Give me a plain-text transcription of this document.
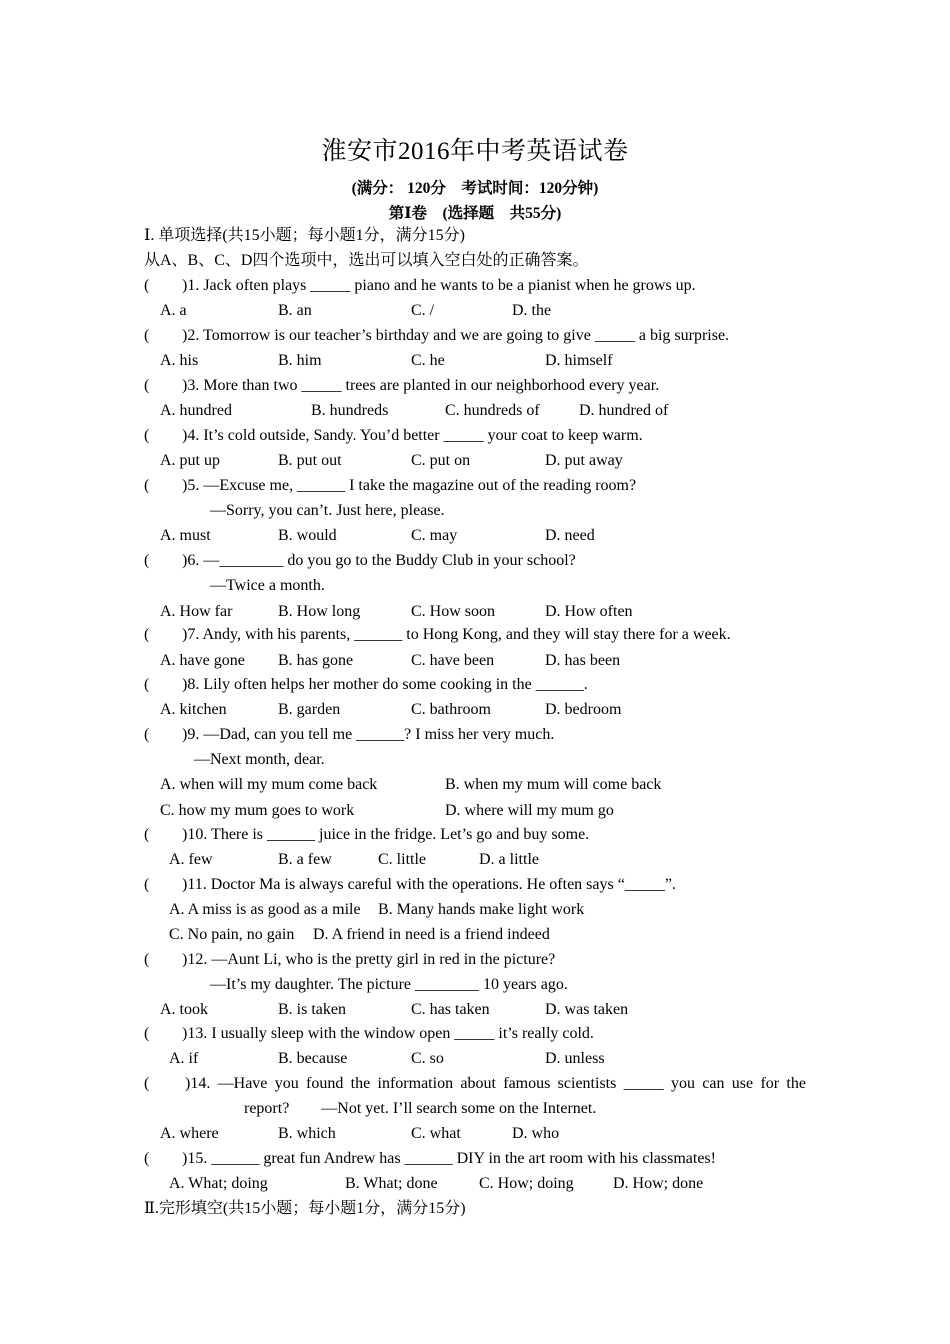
淮安市2016年中考英语试卷
(满分： 120分　考试时间：120分钟)
第Ⅰ卷　(选择题　共55分)
Ⅰ. 单项选择(共15小题；每小题1分，满分15分)
从A、B、C、D四个选项中，选出可以填入空白处的正确答案。
( )1. Jack often plays _____ piano and he wants to be a pianist when he grows up.
A. a	B. an	C. /	D. the
( )2. Tomorrow is our teacher’s birthday and we are going to give _____ a big surprise.
A. his	B. him	C. he	D. himself
( )3. More than two _____ trees are planted in our neighborhood every year.
A. hundred	B. hundreds	C. hundreds of D. hundred of
( )4. It’s cold outside, Sandy. You’d better _____ your coat to keep warm.
A. put up	B. put out	C. put on	D. put away
( )5. —Excuse me, ______ I take the magazine out of the reading room?
—Sorry, you can’t. Just here, please.
A. must	B. would	C. may	D. need
( )6. —________ do you go to the Buddy Club in your school?
—Twice a month.
A. How far	B. How long	C. How soon	D. How often
( )7. Andy, with his parents, ______ to Hong Kong, and they will stay there for a week.
A. have gone B. has gone	C. have been	D. has been
( )8. Lily often helps her mother do some cooking in the ______.
A. kitchen	B. garden	C. bathroom	D. bedroom
( )9. —Dad, can you tell me ______? I miss her very much.
—Next month, dear.
A. when will my mum come back	B. when my mum will come back
C. how my mum goes to work	D. where will my mum go
( )10. There is ______ juice in the fridge. Let’s go and buy some.
A. few	B. a few	C. little	D. a little
( )11. Doctor Ma is always careful with the operations. He often says “_____”.
A. A miss is as good as a mile B. Many hands make light work
C. No pain, no gain D. A friend in need is a friend indeed
( )12. —Aunt Li, who is the pretty girl in red in the picture?
—It’s my daughter. The picture ________ 10 years ago.
A. took	B. is taken	C. has taken	D. was taken
( )13. I usually sleep with the window open _____ it’s really cold.
A. if	B. because	C. so	D. unless
( )14. —Have you found the information about famous scientists _____ you can use for the
report?　　—Not yet. I’ll search some on the Internet.
A. where	B. which	C. what	D. who
( )15. ______ great fun Andrew has ______ DIY in the art room with his classmates!
A. What; doing	B. What; done	C. How; doing D. How; done
Ⅱ.完形填空(共15小题；每小题1分，满分15分)
